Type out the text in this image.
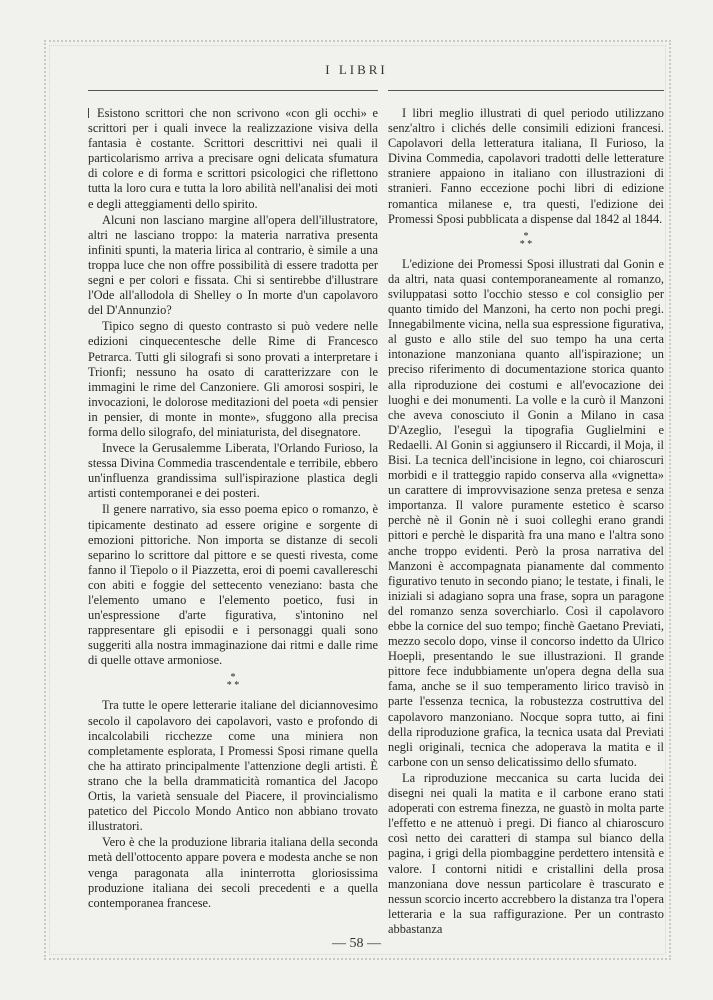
I LIBRI

Esistono scrittori che non scrivono «con gli occhi» e scrittori per i quali invece la realizzazione visiva della fantasia è costante. Scrittori descrittivi nei quali il particolarismo arriva a precisare ogni delicata sfumatura di colore e di forma e scrittori psicologici che riflettono tutta la loro cura e tutta la loro abilità nell'analisi dei moti e degli atteggiamenti dello spirito.

Alcuni non lasciano margine all'opera dell'illustratore, altri ne lasciano troppo: la materia narrativa presenta infiniti spunti, la materia lirica al contrario, è simile a una troppa luce che non offre possibilità di essere tradotta per segni e per colori e fissata. Chi si sentirebbe d'illustrare l'Ode all'allodola di Shelley o In morte d'un capolavoro del D'Annunzio?

Tipico segno di questo contrasto si può vedere nelle edizioni cinquecentesche delle Rime di Francesco Petrarca. Tutti gli silografi si sono provati a interpretare i Trionfi; nessuno ha osato di caratterizzare con le immagini le rime del Canzoniere. Gli amorosi sospiri, le invocazioni, le dolorose meditazioni del poeta «di pensier in pensier, di monte in monte», sfuggono alla precisa forma dello silografo, del miniaturista, del disegnatore.

Invece la Gerusalemme Liberata, l'Orlando Furioso, la stessa Divina Commedia trascendentale e terribile, ebbero un'influenza grandissima sull'ispirazione plastica degli artisti contemporanei e dei posteri.

Il genere narrativo, sia esso poema epico o romanzo, è tipicamente destinato ad essere origine e sorgente di emozioni pittoriche. Non importa se distanze di secoli separino lo scrittore dal pittore e se questi rivesta, come fanno il Tiepolo o il Piazzetta, eroi di poemi cavallereschi con abiti e foggie del settecento veneziano: basta che l'elemento umano e l'elemento poetico, fusi in un'espressione d'arte figurativa, s'intonino nel rappresentare gli episodii e i personaggi quali sono suggeriti alla nostra immaginazione dai ritmi e dalle rime di quelle ottave armoniose.

*
* *

Tra tutte le opere letterarie italiane del diciannovesimo secolo il capolavoro dei capolavori, vasto e profondo di incalcolabili ricchezze come una miniera non completamente esplorata, I Promessi Sposi rimane quella che ha attirato principalmente l'attenzione degli artisti. È strano che la bella drammaticità romantica del Jacopo Ortis, la varietà sensuale del Piacere, il provincialismo patetico del Piccolo Mondo Antico non abbiano trovato illustratori.

Vero è che la produzione libraria italiana della seconda metà dell'ottocento appare povera e modesta anche se non venga paragonata alla ininterrotta gloriosissima produzione italiana dei secoli precedenti e a quella contemporanea francese.

I libri meglio illustrati di quel periodo utilizzano senz'altro i clichés delle consimili edizioni francesi. Capolavori della letteratura italiana, Il Furioso, la Divina Commedia, capolavori tradotti delle letterature straniere appaiono in italiano con illustrazioni di stranieri. Fanno eccezione pochi libri di edizione romantica milanese e, tra questi, l'edizione dei Promessi Sposi pubblicata a dispense dal 1842 al 1844.

*
* *

L'edizione dei Promessi Sposi illustrati dal Gonin e da altri, nata quasi contemporaneamente al romanzo, sviluppatasi sotto l'occhio stesso e col consiglio per quanto timido del Manzoni, ha certo non pochi pregi. Innegabilmente vicina, nella sua espressione figurativa, al gusto e allo stile del suo tempo ha una certa intonazione manzoniana quanto all'ispirazione; un preciso riferimento di documentazione storica quanto alla riproduzione dei costumi e all'evocazione dei luoghi e dei monumenti. La volle e la curò il Manzoni che aveva conosciuto il Gonin a Milano in casa D'Azeglio, l'eseguì la tipografia Guglielmini e Redaelli. Al Gonin si aggiunsero il Riccardi, il Moja, il Bisi. La tecnica dell'incisione in legno, coi chiaroscuri morbidi e il tratteggio rapido conserva alla «vignetta» un carattere di improvvisazione senza pretesa e senza importanza. Il valore puramente estetico è scarso perchè nè il Gonin nè i suoi colleghi erano grandi pittori e perchè le disparità fra una mano e l'altra sono anche troppo evidenti. Però la prosa narrativa del Manzoni è accompagnata pianamente dal commento figurativo tenuto in secondo piano; le testate, i finali, le iniziali si adagiano sopra una frase, sopra un paragone del romanzo senza soverchiarlo. Così il capolavoro ebbe la cornice del suo tempo; finchè Gaetano Previati, mezzo secolo dopo, vinse il concorso indetto da Ulrico Hoepli, presentando le sue illustrazioni. Il grande pittore fece indubbiamente un'opera degna della sua fama, anche se il suo temperamento lirico travisò in parte l'essenza tecnica, la robustezza costruttiva del capolavoro manzoniano. Nocque sopra tutto, ai fini della riproduzione grafica, la tecnica usata dal Previati negli originali, tecnica che adoperava la matita e il carbone con un senso delicatissimo dello sfumato.

La riproduzione meccanica su carta lucida dei disegni nei quali la matita e il carbone erano stati adoperati con estrema finezza, ne guastò in molta parte l'effetto e ne attenuò i pregi. Di fianco al chiaroscuro così netto dei caratteri di stampa sul bianco della pagina, i grigi della piombaggine perdettero intensità e valore. I contorni nitidi e cristallini della prosa manzoniana dove nessun particolare è trascurato e nessun scorcio incerto accrebbero la distanza tra l'opera letteraria e la sua raffigurazione. Per un contrasto abbastanza

— 58 —
